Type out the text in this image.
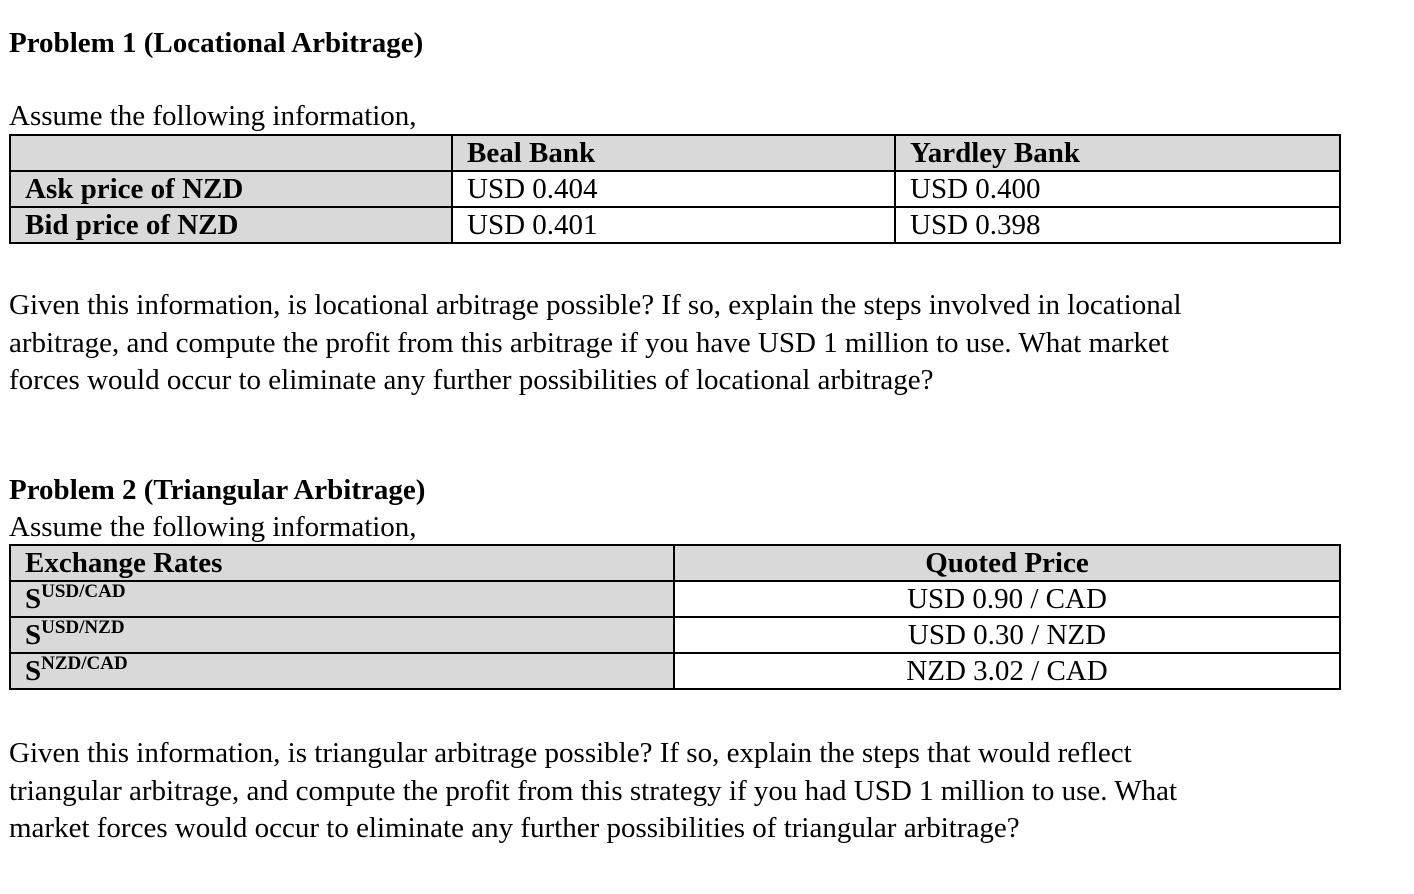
Problem 1 (Locational Arbitrage)
Assume the following information,
	Beal Bank	Yardley Bank
Ask price of NZD	USD 0.404	USD 0.400
Bid price of NZD	USD 0.401	USD 0.398

Given this information, is locational arbitrage possible? If so, explain the steps involved in locational

arbitrage, and compute the profit from this arbitrage if you have USD 1 million to use. What market

forces would occur to eliminate any further possibilities of locational arbitrage?

Problem 2 (Triangular Arbitrage)
Assume the following information,
Exchange Rates	Quoted Price
$S^{USD/CAD}$	USD 0.90 / CAD
$S^{USD/NZD}$	USD 0.30 / NZD
$S^{NZD/CAD}$	NZD 3.02 / CAD

Given this information, is triangular arbitrage possible? If so, explain the steps that would reflect

triangular arbitrage, and compute the profit from this strategy if you had USD 1 million to use. What

market forces would occur to eliminate any further possibilities of triangular arbitrage?
